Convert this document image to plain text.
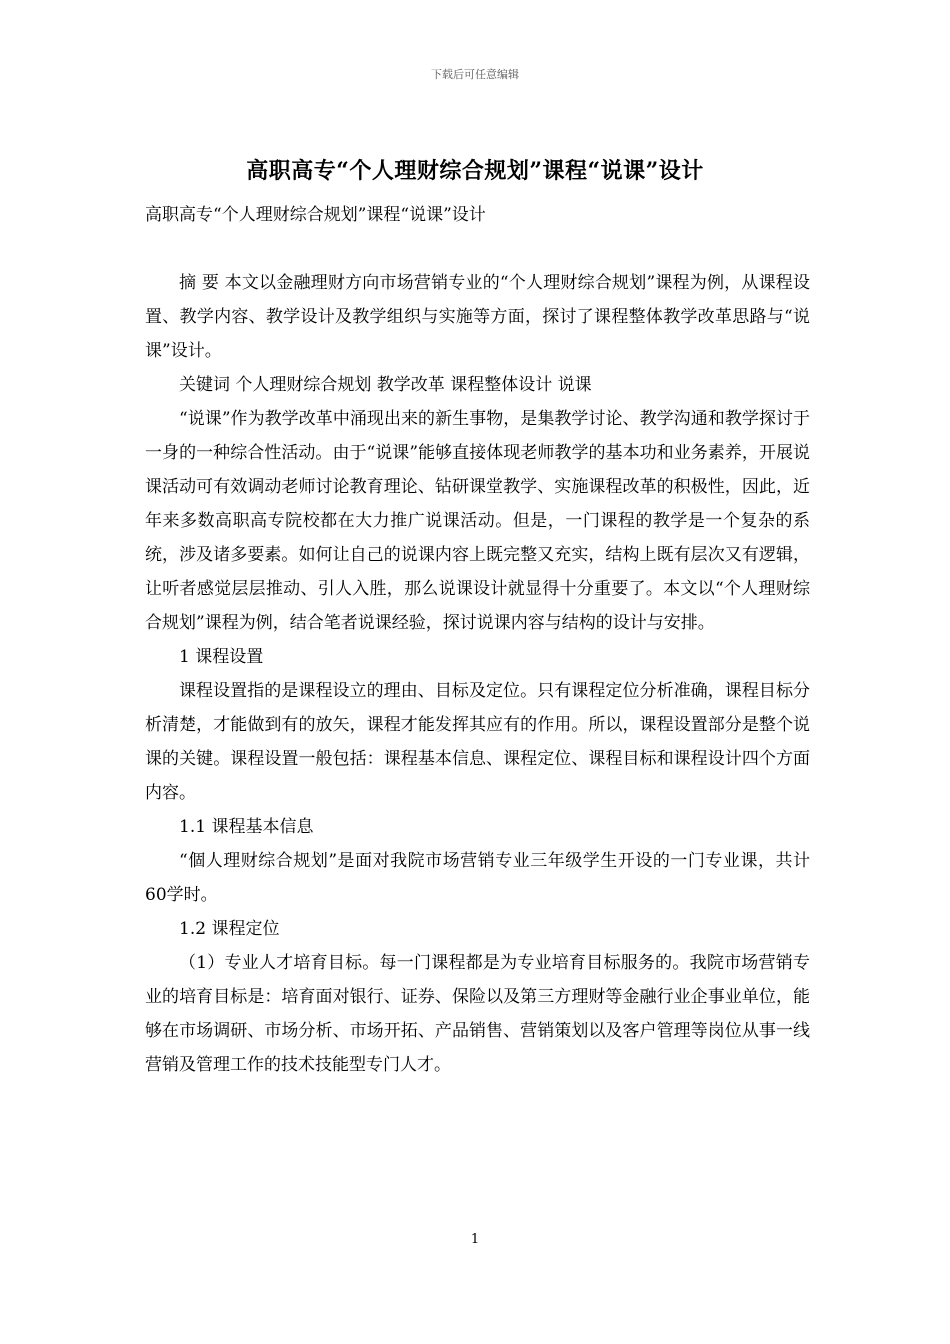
下载后可任意编辑
高职高专“个人理财综合规划”课程“说课”设计

高职高专“个人理财综合规划”课程“说课”设计

摘 要 本文以金融理财方向市场营销专业的“个人理财综合规划”课程为例，从课程设置、教学内容、教学设计及教学组织与实施等方面，探讨了课程整体教学改革思路与“说课”设计。

关键词 个人理财综合规划 教学改革 课程整体设计 说课

“说课”作为教学改革中涌现出来的新生事物，是集教学讨论、教学沟通和教学探讨于一身的一种综合性活动。由于“说课”能够直接体现老师教学的基本功和业务素养，开展说课活动可有效调动老师讨论教育理论、钻研课堂教学、实施课程改革的积极性，因此，近年来多数高职高专院校都在大力推广说课活动。但是，一门课程的教学是一个复杂的系统，涉及诸多要素。如何让自己的说课内容上既完整又充实，结构上既有层次又有逻辑，让听者感觉层层推动、引人入胜，那么说课设计就显得十分重要了。本文以“个人理财综合规划”课程为例，结合笔者说课经验，探讨说课内容与结构的设计与安排。

1 课程设置

课程设置指的是课程设立的理由、目标及定位。只有课程定位分析准确，课程目标分析清楚，才能做到有的放矢，课程才能发挥其应有的作用。所以，课程设置部分是整个说课的关键。课程设置一般包括：课程基本信息、课程定位、课程目标和课程设计四个方面内容。

1.1 课程基本信息

“個人理财综合规划”是面对我院市场营销专业三年级学生开设的一门专业课，共计60学时。

1.2 课程定位

（1）专业人才培育目标。每一门课程都是为专业培育目标服务的。我院市场营销专业的培育目标是：培育面对银行、证券、保险以及第三方理财等金融行业企事业单位，能够在市场调研、市场分析、市场开拓、产品销售、营销策划以及客户管理等岗位从事一线营销及管理工作的技术技能型专门人才。

1
